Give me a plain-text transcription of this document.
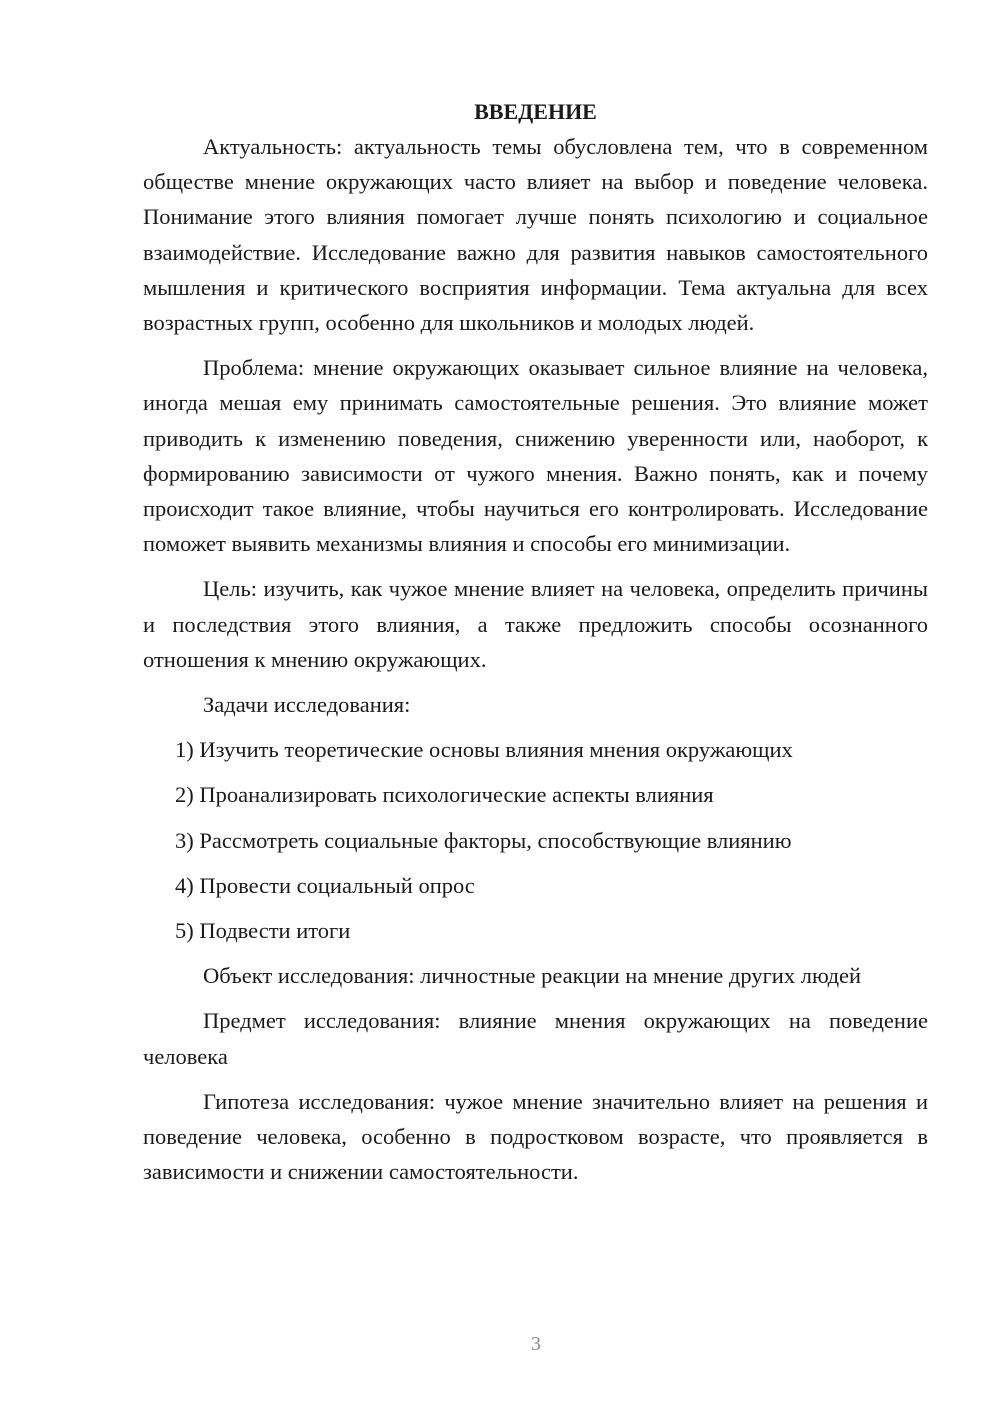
ВВЕДЕНИЕ

Актуальность: актуальность темы обусловлена тем, что в современном обществе мнение окружающих часто влияет на выбор и поведение человека. Понимание этого влияния помогает лучше понять психологию и социальное взаимодействие. Исследование важно для развития навыков самостоятельного мышления и критического восприятия информации. Тема актуальна для всех возрастных групп, особенно для школьников и молодых людей.

Проблема: мнение окружающих оказывает сильное влияние на человека, иногда мешая ему принимать самостоятельные решения. Это влияние может приводить к изменению поведения, снижению уверенности или, наоборот, к формированию зависимости от чужого мнения. Важно понять, как и почему происходит такое влияние, чтобы научиться его контролировать. Исследование поможет выявить механизмы влияния и способы его минимизации.

Цель: изучить, как чужое мнение влияет на человека, определить причины и последствия этого влияния, а также предложить способы осознанного отношения к мнению окружающих.

Задачи исследования:

1) Изучить теоретические основы влияния мнения окружающих
2) Проанализировать психологические аспекты влияния
3) Рассмотреть социальные факторы, способствующие влиянию
4) Провести социальный опрос
5) Подвести итоги

Объект исследования: личностные реакции на мнение других людей

Предмет исследования: влияние мнения окружающих на поведение человека

Гипотеза исследования: чужое мнение значительно влияет на решения и поведение человека, особенно в подростковом возрасте, что проявляется в зависимости и снижении самостоятельности.

3
